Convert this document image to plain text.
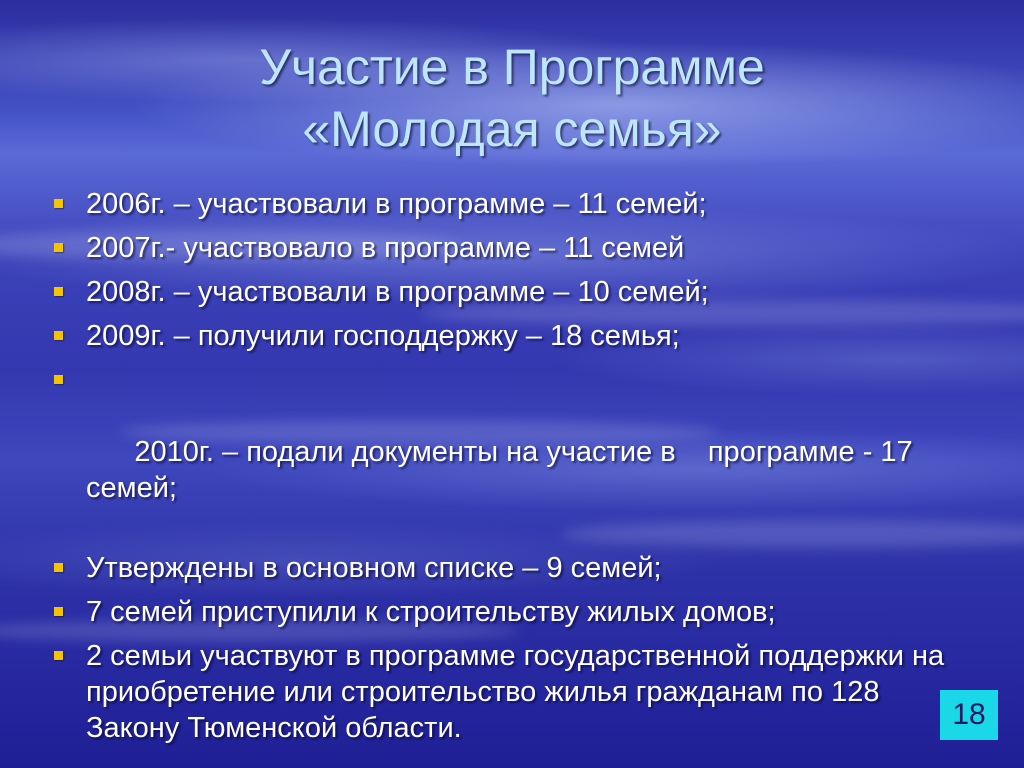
Участие в Программе
«Молодая семья»
2006г. – участвовали в программе – 11 семей;
2007г.- участвовало в программе – 11 семей
2008г. – участвовали в программе – 10 семей;
2009г. – получили господдержку – 18 семья;

2010г. – подали документы на участие в    программе - 17 семей;

Утверждены в основном списке – 9 семей;
7 семей приступили к строительству жилых домов;
2 семьи участвуют в программе государственной поддержки на приобретение или строительство жилья гражданам по 128 Закону Тюменской области.	18
